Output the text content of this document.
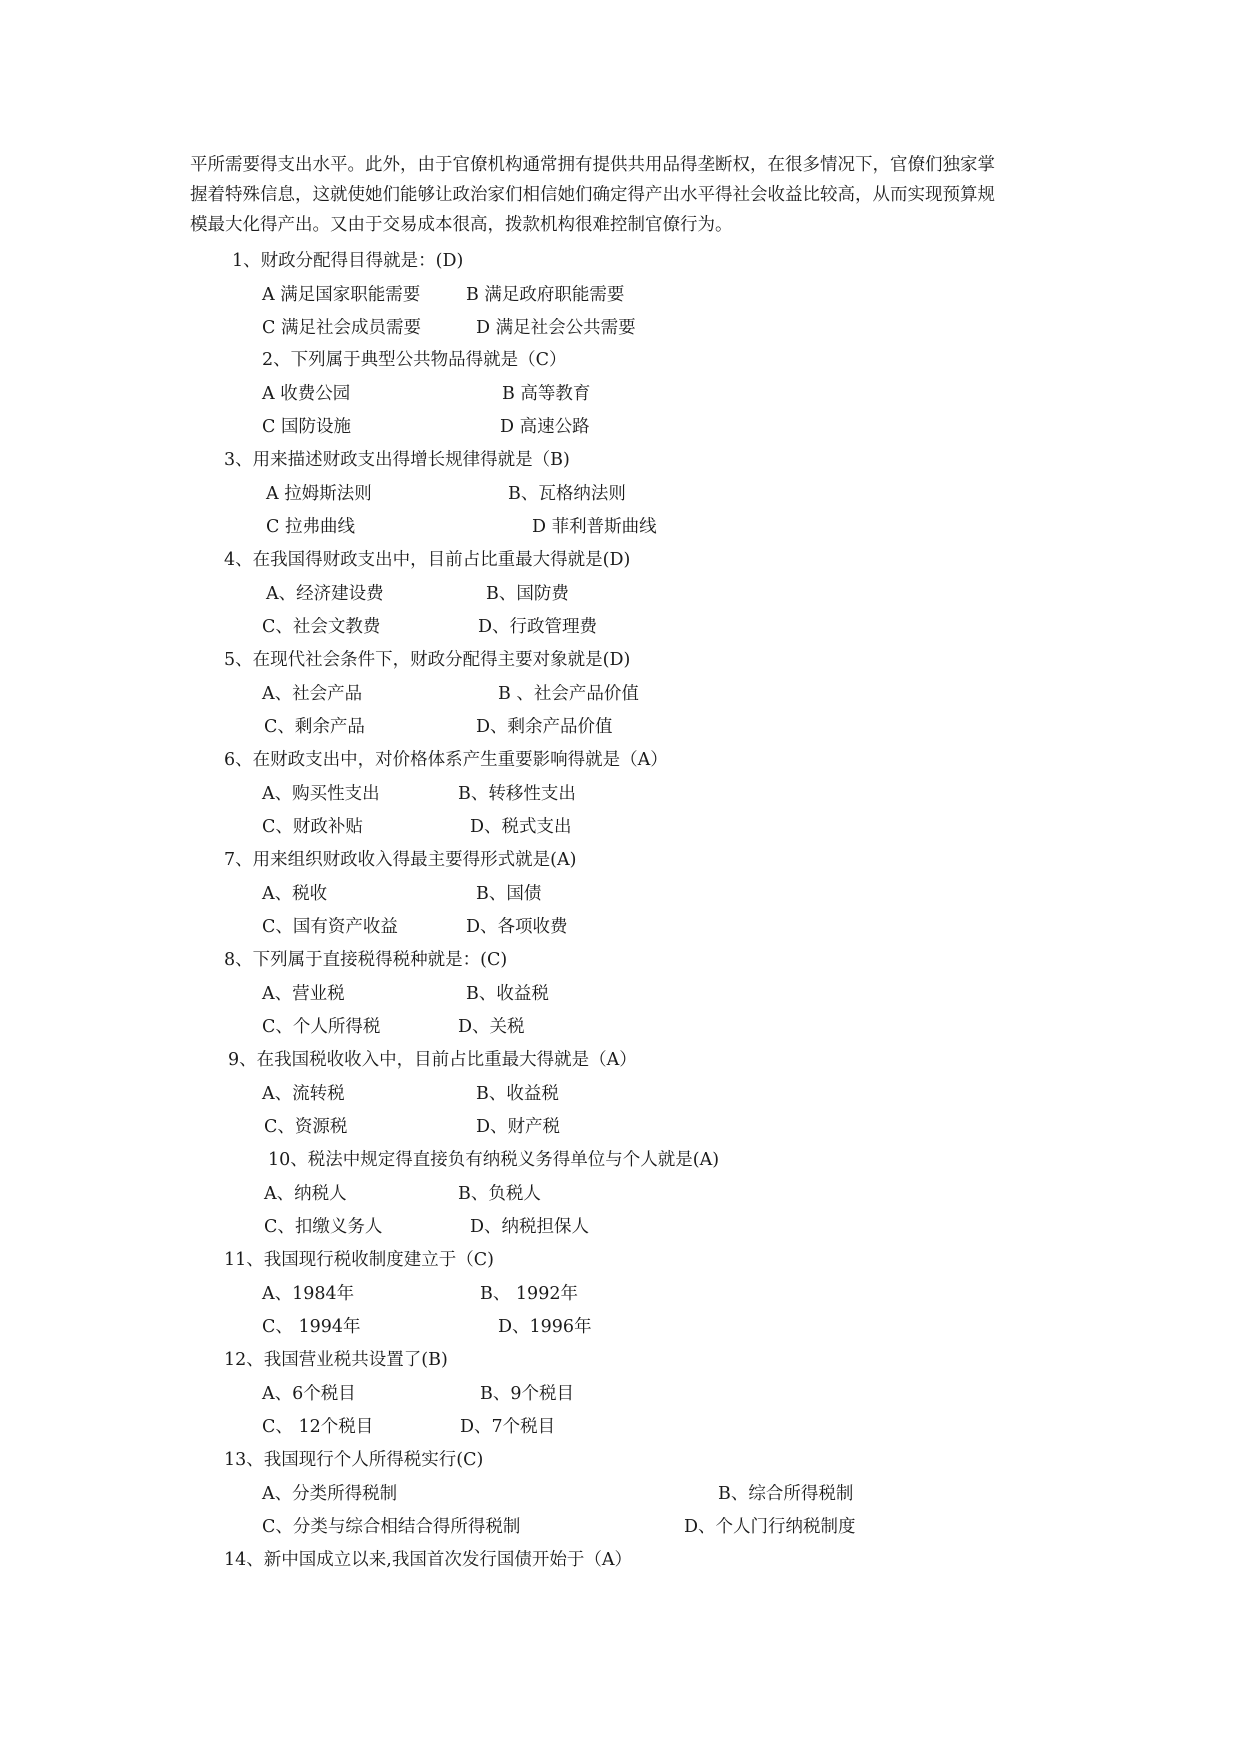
平所需要得支出水平。此外，由于官僚机构通常拥有提供共用品得垄断权，在很多情况下，官僚们独家掌

握着特殊信息，这就使她们能够让政治家们相信她们确定得产出水平得社会收益比较高，从而实现预算规

模最大化得产出。又由于交易成本很高，拨款机构很难控制官僚行为。

1、财政分配得目得就是：(D)
A 满足国家职能需要	B 满足政府职能需要
C 满足社会成员需要	D 满足社会公共需要
2、下列属于典型公共物品得就是（C）
A 收费公园	B 高等教育
C 国防设施	D 高速公路
3、用来描述财政支出得增长规律得就是（B)
A 拉姆斯法则	B、瓦格纳法则
C 拉弗曲线	D 菲利普斯曲线
4、在我国得财政支出中，目前占比重最大得就是(D)
A、经济建设费	B、国防费
C、社会文教费	D、行政管理费
5、在现代社会条件下，财政分配得主要对象就是(D)
A、社会产品	B 、社会产品价值
C、剩余产品	D、剩余产品价值
6、在财政支出中，对价格体系产生重要影响得就是（A）
A、购买性支出	B、转移性支出
C、财政补贴	D、税式支出
7、用来组织财政收入得最主要得形式就是(A)
A、税收	B、国债
C、国有资产收益	D、各项收费
8、下列属于直接税得税种就是：(C)
A、营业税	B、收益税
C、个人所得税	D、关税
9、在我国税收收入中，目前占比重最大得就是（A）
A、流转税	B、收益税
C、资源税	D、财产税
10、税法中规定得直接负有纳税义务得单位与个人就是(A)
A、纳税人	B、负税人
C、扣缴义务人	D、纳税担保人
11、我国现行税收制度建立于（C)
A、1984年	B、 1992年
C、 1994年	D、1996年
12、我国营业税共设置了(B)
A、6个税目	B、9个税目
C、 12个税目	D、7个税目
13、我国现行个人所得税实行(C)
A、分类所得税制	B、综合所得税制
C、分类与综合相结合得所得税制	D、个人门行纳税制度
14、新中国成立以来,我国首次发行国债开始于（A）
